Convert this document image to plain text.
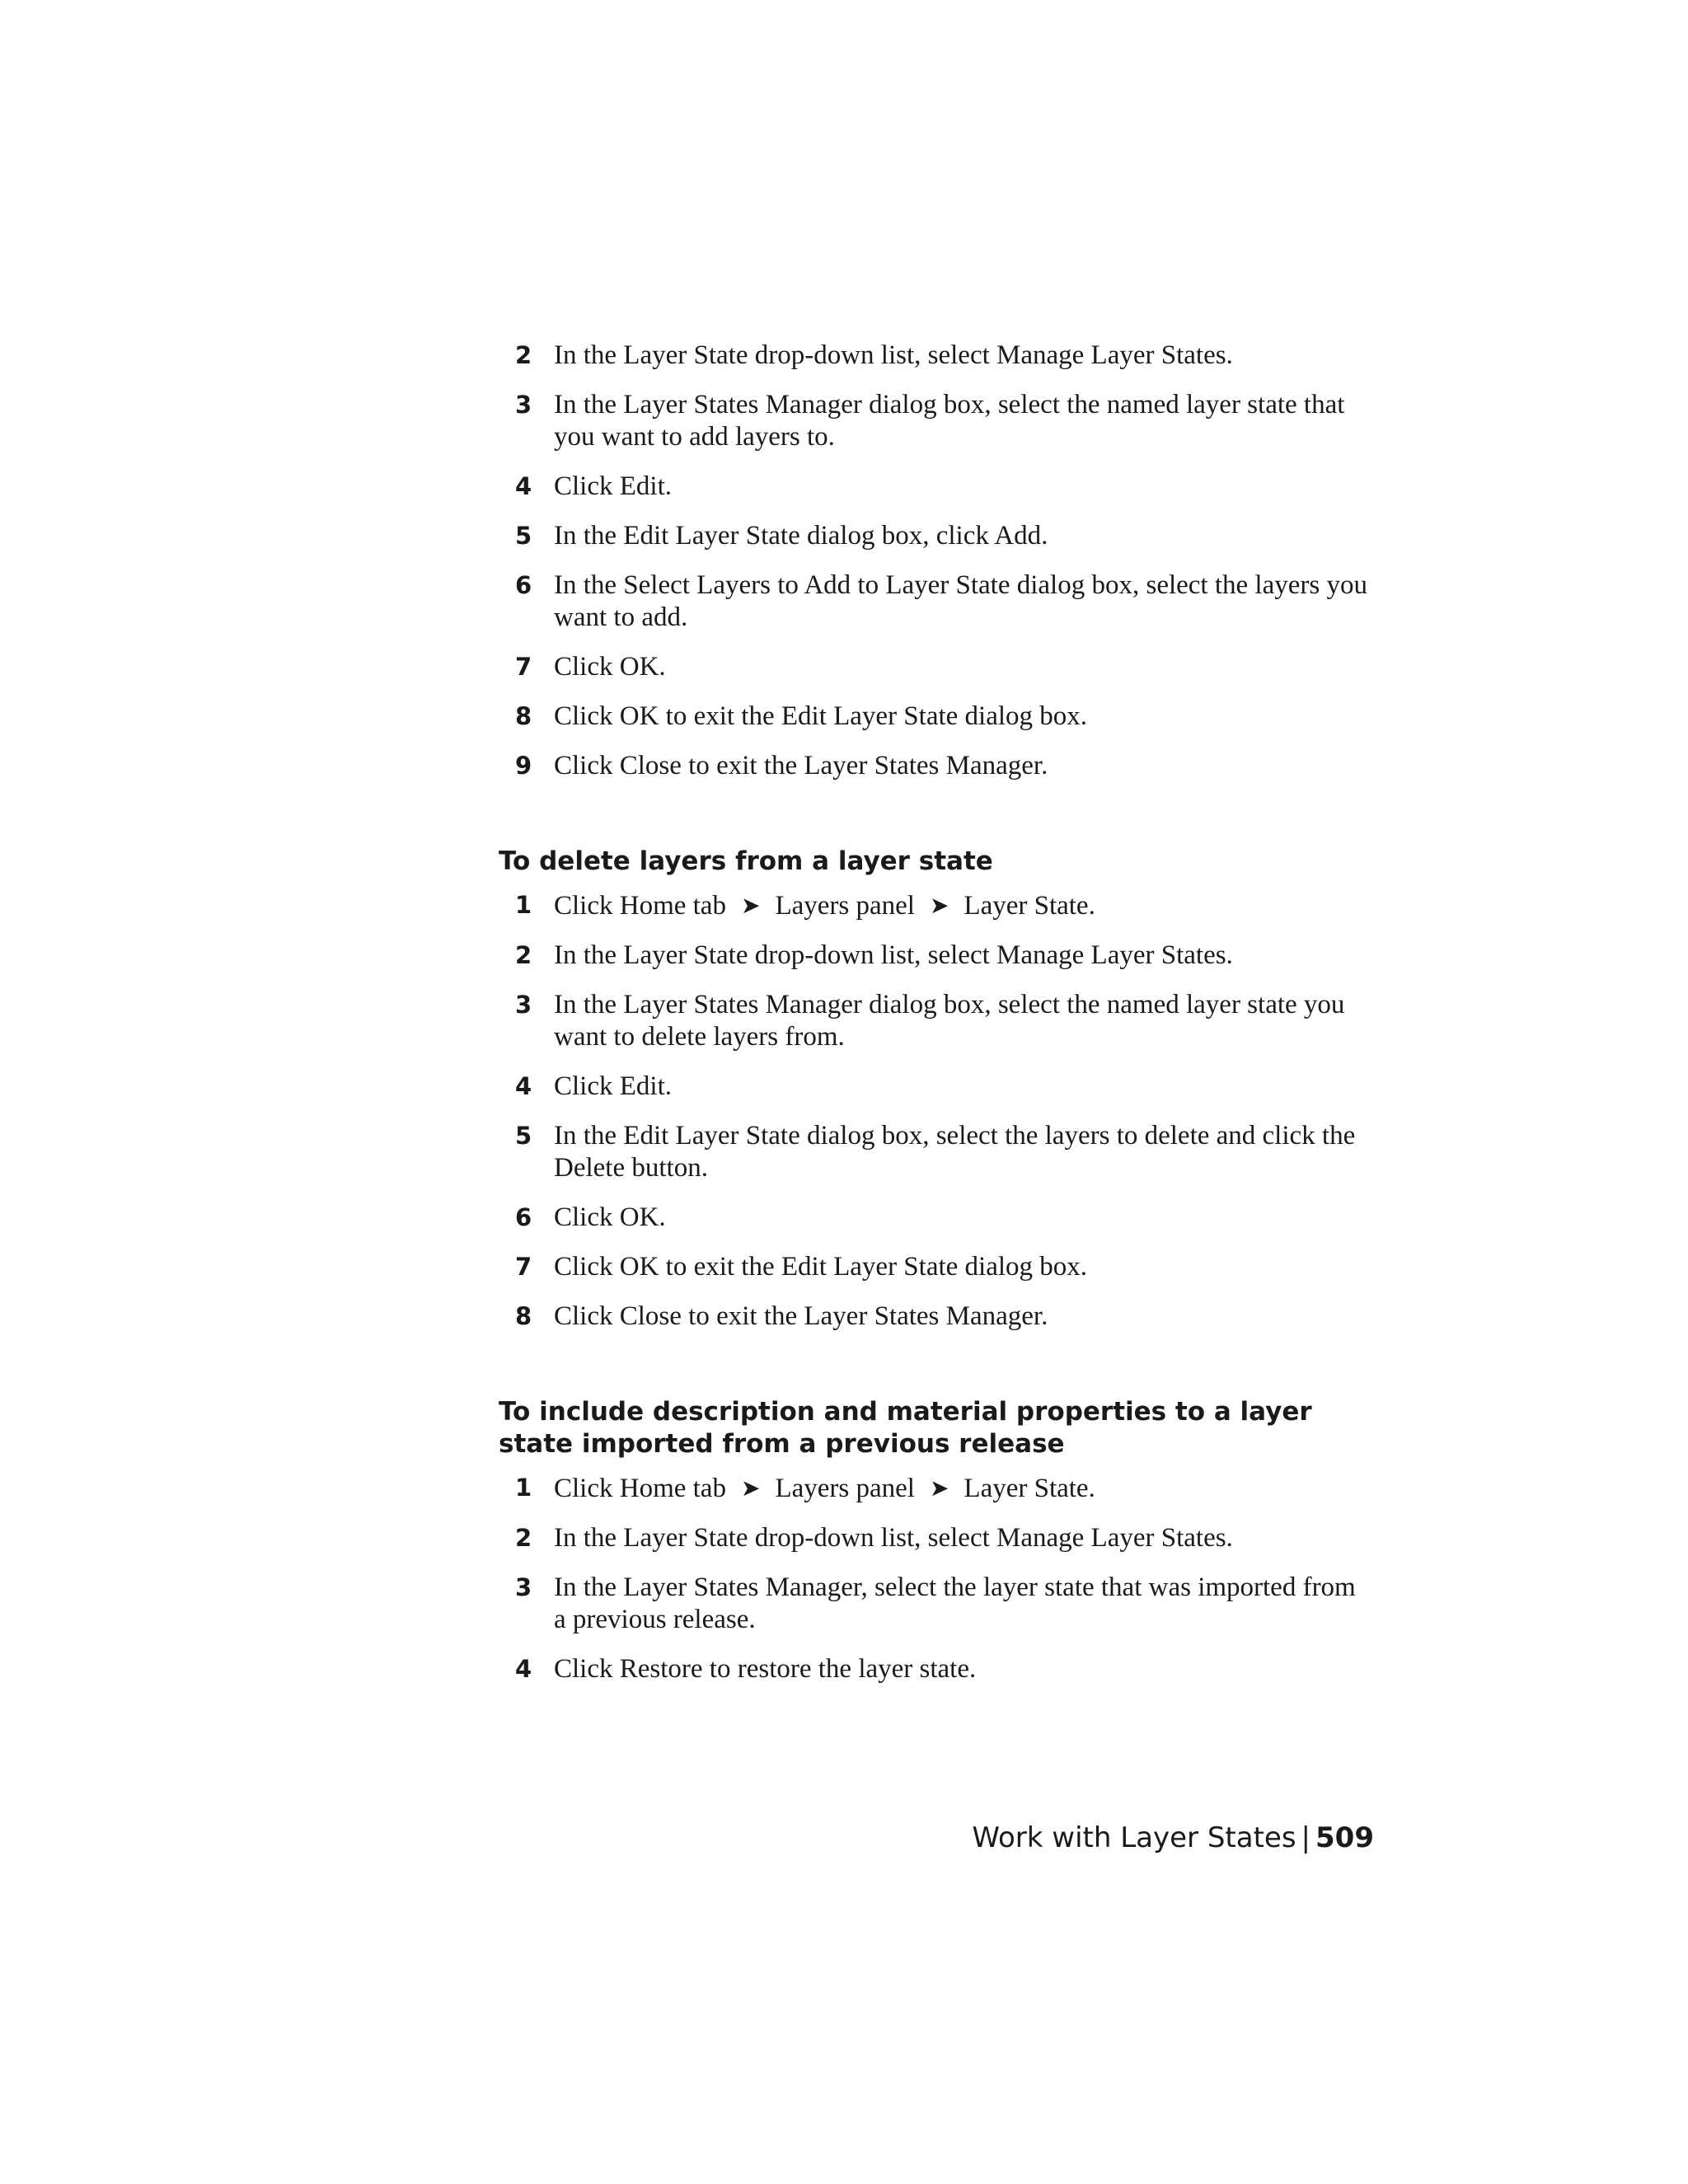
2 In the Layer State drop-down list, select Manage Layer States.
3 In the Layer States Manager dialog box, select the named layer state that you want to add layers to.
4 Click Edit.
5 In the Edit Layer State dialog box, click Add.
6 In the Select Layers to Add to Layer State dialog box, select the layers you want to add.
7 Click OK.
8 Click OK to exit the Edit Layer State dialog box.
9 Click Close to exit the Layer States Manager.
To delete layers from a layer state
1 Click Home tab ➤ Layers panel ➤ Layer State.
2 In the Layer State drop-down list, select Manage Layer States.
3 In the Layer States Manager dialog box, select the named layer state you want to delete layers from.
4 Click Edit.
5 In the Edit Layer State dialog box, select the layers to delete and click the Delete button.
6 Click OK.
7 Click OK to exit the Edit Layer State dialog box.
8 Click Close to exit the Layer States Manager.
To include description and material properties to a layer state imported from a previous release
1 Click Home tab ➤ Layers panel ➤ Layer State.
2 In the Layer State drop-down list, select Manage Layer States.
3 In the Layer States Manager, select the layer state that was imported from a previous release.
4 Click Restore to restore the layer state.
Work with Layer States | 509
